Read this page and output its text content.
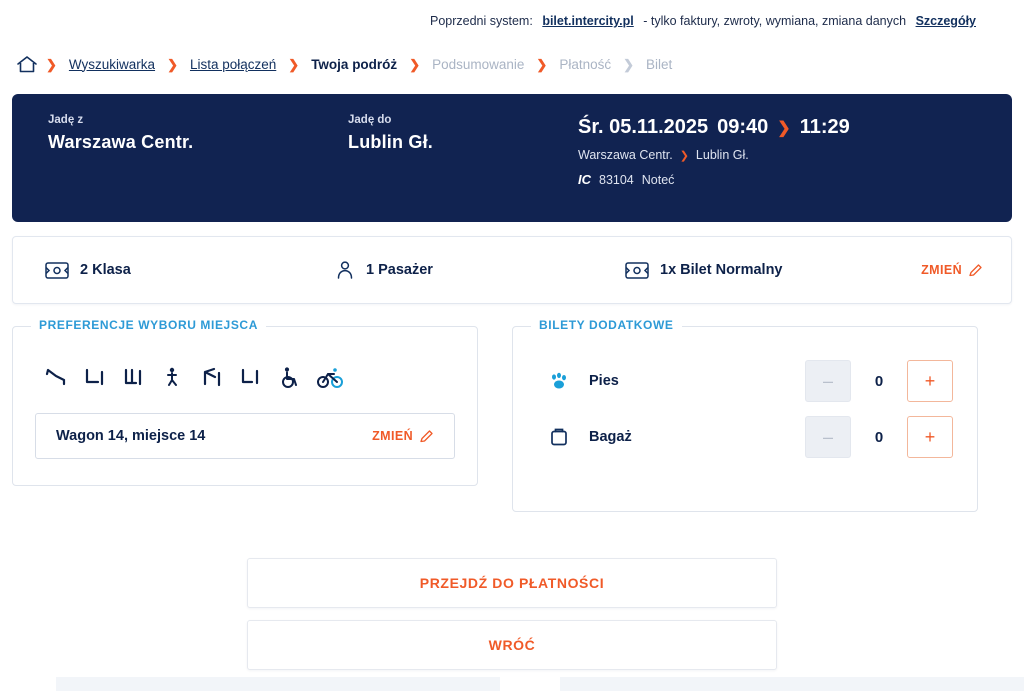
Poprzedni system:
bilet.intercity.pl
- tylko faktury, zwroty, wymiana, zmiana danych
Szczegóły
❯ Wyszukiwarka ❯ Lista połączeń ❯ Twoja podróż ❯ Podsumowanie ❯ Płatność ❯ Bilet
Jadę z
Warszawa Centr.
Jadę do
Lublin Gł.
Śr. 05.11.2025 09:40 ❯ 11:29
Warszawa Centr. ❯ Lublin Gł.
IC 83104 Noteć
2 Klasa	1 Pasażer	1x Bilet Normalny	ZMIEŃ
PREFERENCJE WYBORU MIEJSCA
Wagon 14, miejsce 14	ZMIEŃ
BILETY DODATKOWE
Pies	–	0	+
Bagaż	–	0	+
PRZEJDŹ DO PŁATNOŚCI
WRÓĆ
